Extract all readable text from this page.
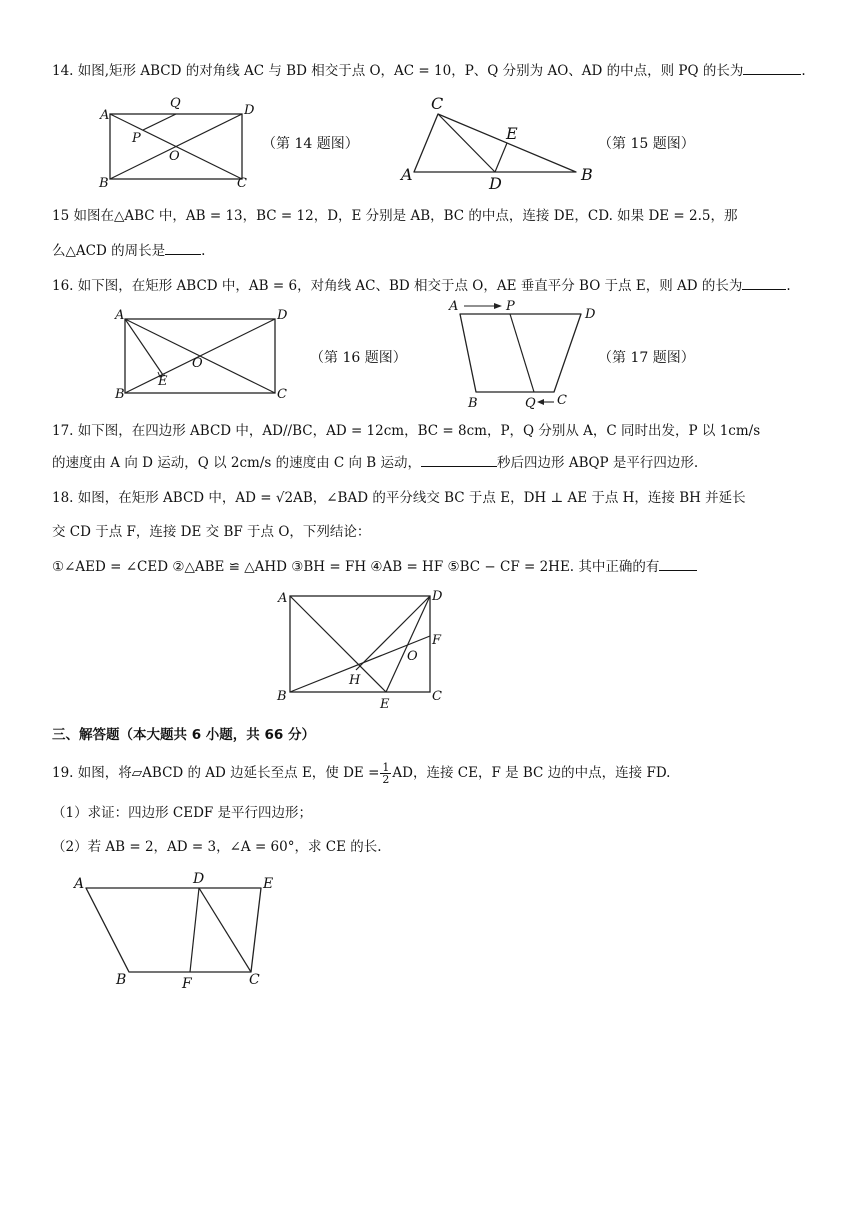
14. 如图,矩形 ABCD 的对角线 AC 与 BD 相交于点 O，AC = 10，P、Q 分别为 AO、AD 的中点，则 PQ 的长为	.
A
Q	D
P
O
B	C
（第 14 题图）
C
E
A	D	B
（第 15 题图）
15 如图在△ABC 中，AB = 13，BC = 12，D，E 分别是 AB，BC 的中点，连接 DE，CD. 如果 DE = 2.5，那
么△ACD 的周长是	.
16. 如下图，在矩形 ABCD 中，AB = 6，对角线 AC、BD 相交于点 O，AE 垂直平分 BO 于点 E，则 AD 的长为	.
A	D
O
E
B	C
（第 16 题图）
A	P
D
B	Q C
（第 17 题图）
17. 如下图，在四边形 ABCD 中，AD//BC，AD = 12cm，BC = 8cm，P，Q 分别从 A，C 同时出发，P 以 1cm/s
的速度由 A 向 D 运动，Q 以 2cm/s 的速度由 C 向 B 运动，	秒后四边形 ABQP 是平行四边形.
18. 如图，在矩形 ABCD 中，AD = √2AB，∠BAD 的平分线交 BC 于点 E，DH ⊥ AE 于点 H，连接 BH 并延长
交 CD 于点 F，连接 DE 交 BF 于点 O，下列结论：
①∠AED = ∠CED ②△ABE ≌ △AHD ③BH = FH ④AB = HF ⑤BC − CF = 2HE. 其中正确的有
A	D
F
O
H
B
E
C
三、解答题（本大题共 6 小题，共 66 分）
19. 如图，将▱ABCD 的 AD 边延长至点 E，使 DE = $\frac{1}{2}$ AD，连接 CE，F 是 BC 边的中点，连接 FD.
（1）求证：四边形 CEDF 是平行四边形；
（2）若 AB = 2，AD = 3，∠A = 60°，求 CE 的长.
A	D	E
B	F	C
